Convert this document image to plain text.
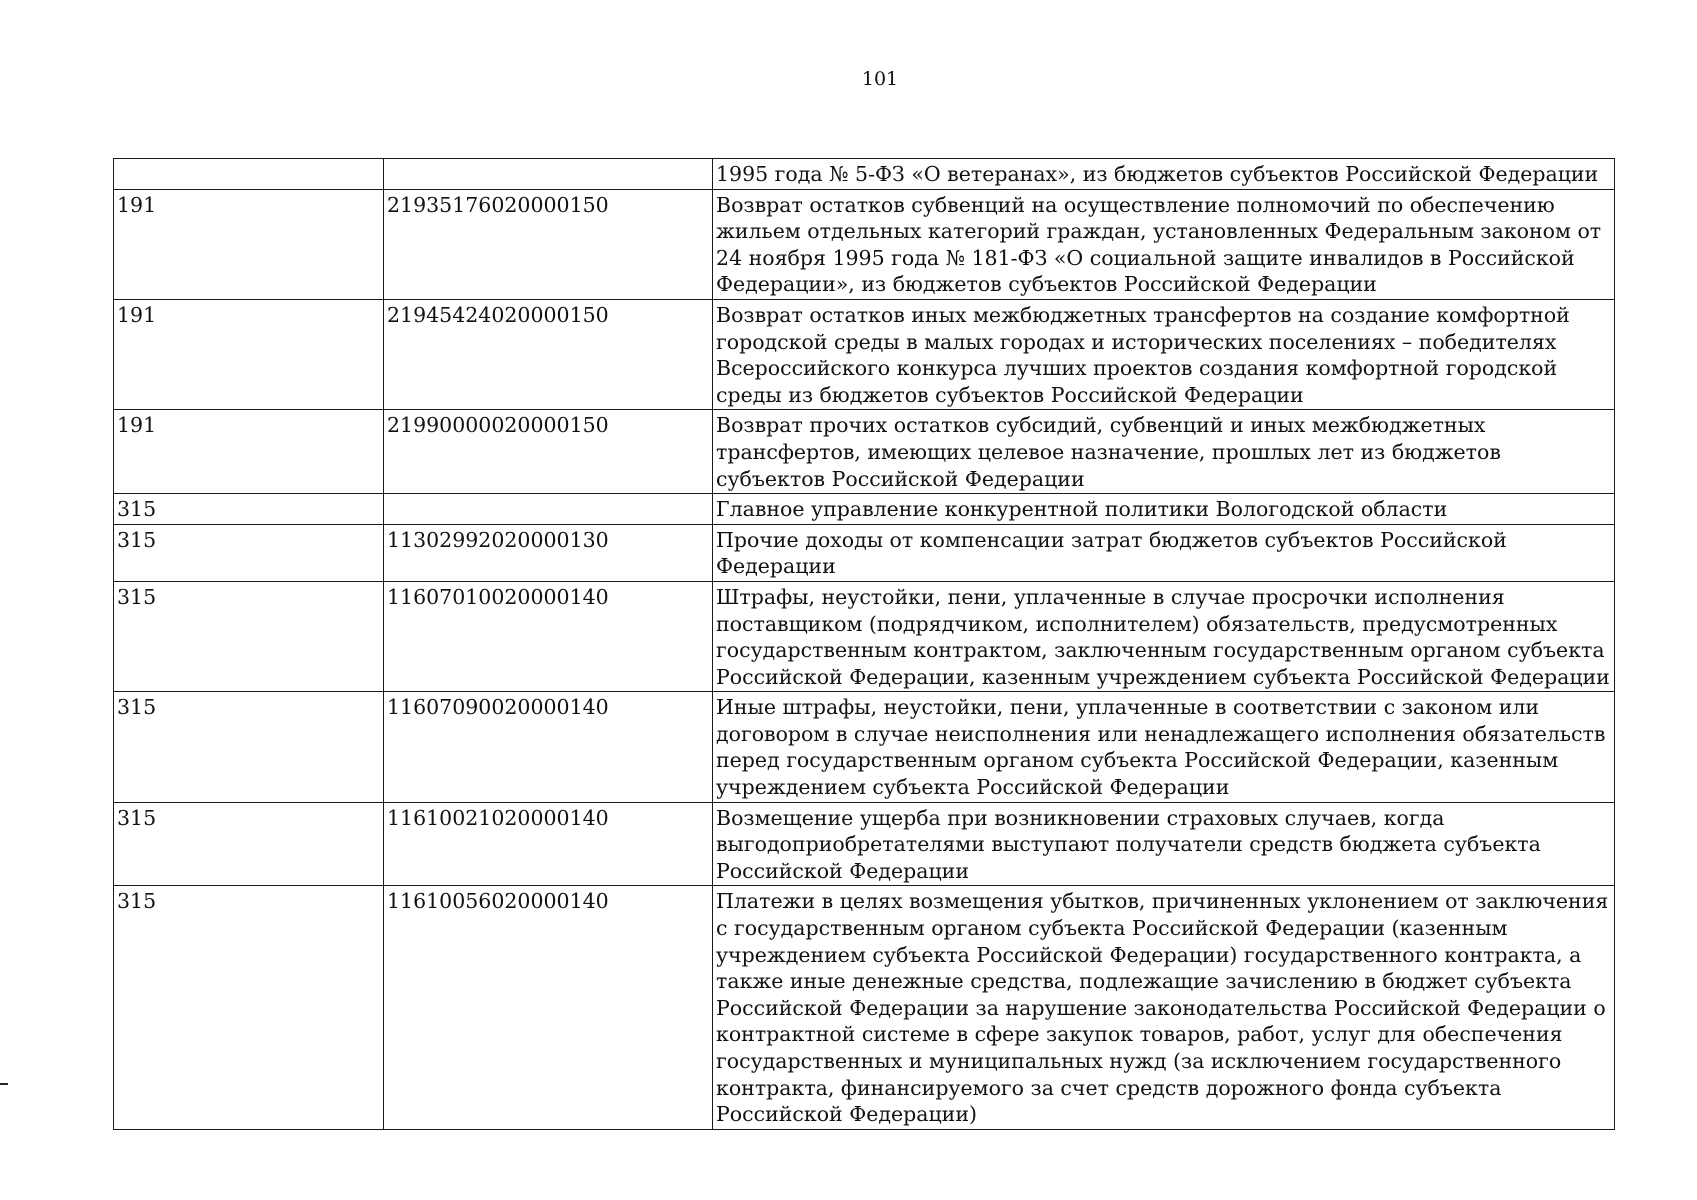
101
		1995 года № 5-ФЗ «О ветеранах», из бюджетов субъектов Российской Федерации
191	21935176020000150	Возврат остатков субвенций на осуществление полномочий по обеспечению жильем отдельных категорий граждан, установленных Федеральным законом от 24 ноября 1995 года № 181-ФЗ «О социальной защите инвалидов в Российской Федерации», из бюджетов субъектов Российской Федерации
191	21945424020000150	Возврат остатков иных межбюджетных трансфертов на создание комфортной городской среды в малых городах и исторических поселениях – победителях Всероссийского конкурса лучших проектов создания комфортной городской среды из бюджетов субъектов Российской Федерации
191	21990000020000150	Возврат прочих остатков субсидий, субвенций и иных межбюджетных трансфертов, имеющих целевое назначение, прошлых лет из бюджетов субъектов Российской Федерации
315		Главное управление конкурентной политики Вологодской области
315	11302992020000130	Прочие доходы от компенсации затрат бюджетов субъектов Российской Федерации
315	11607010020000140	Штрафы, неустойки, пени, уплаченные в случае просрочки исполнения поставщиком (подрядчиком, исполнителем) обязательств, предусмотренных государственным контрактом, заключенным государственным органом субъекта Российской Федерации, казенным учреждением субъекта Российской Федерации
315	11607090020000140	Иные штрафы, неустойки, пени, уплаченные в соответствии с законом или договором в случае неисполнения или ненадлежащего исполнения обязательств перед государственным органом субъекта Российской Федерации, казенным учреждением субъекта Российской Федерации
315	11610021020000140	Возмещение ущерба при возникновении страховых случаев, когда выгодоприобретателями выступают получатели средств бюджета субъекта Российской Федерации
315	11610056020000140	Платежи в целях возмещения убытков, причиненных уклонением от заключения с государственным органом субъекта Российской Федерации (казенным учреждением субъекта Российской Федерации) государственного контракта, а также иные денежные средства, подлежащие зачислению в бюджет субъекта Российской Федерации за нарушение законодательства Российской Федерации о контрактной системе в сфере закупок товаров, работ, услуг для обеспечения государственных и муниципальных нужд (за исключением государственного контракта, финансируемого за счет средств дорожного фонда субъекта Российской Федерации)
